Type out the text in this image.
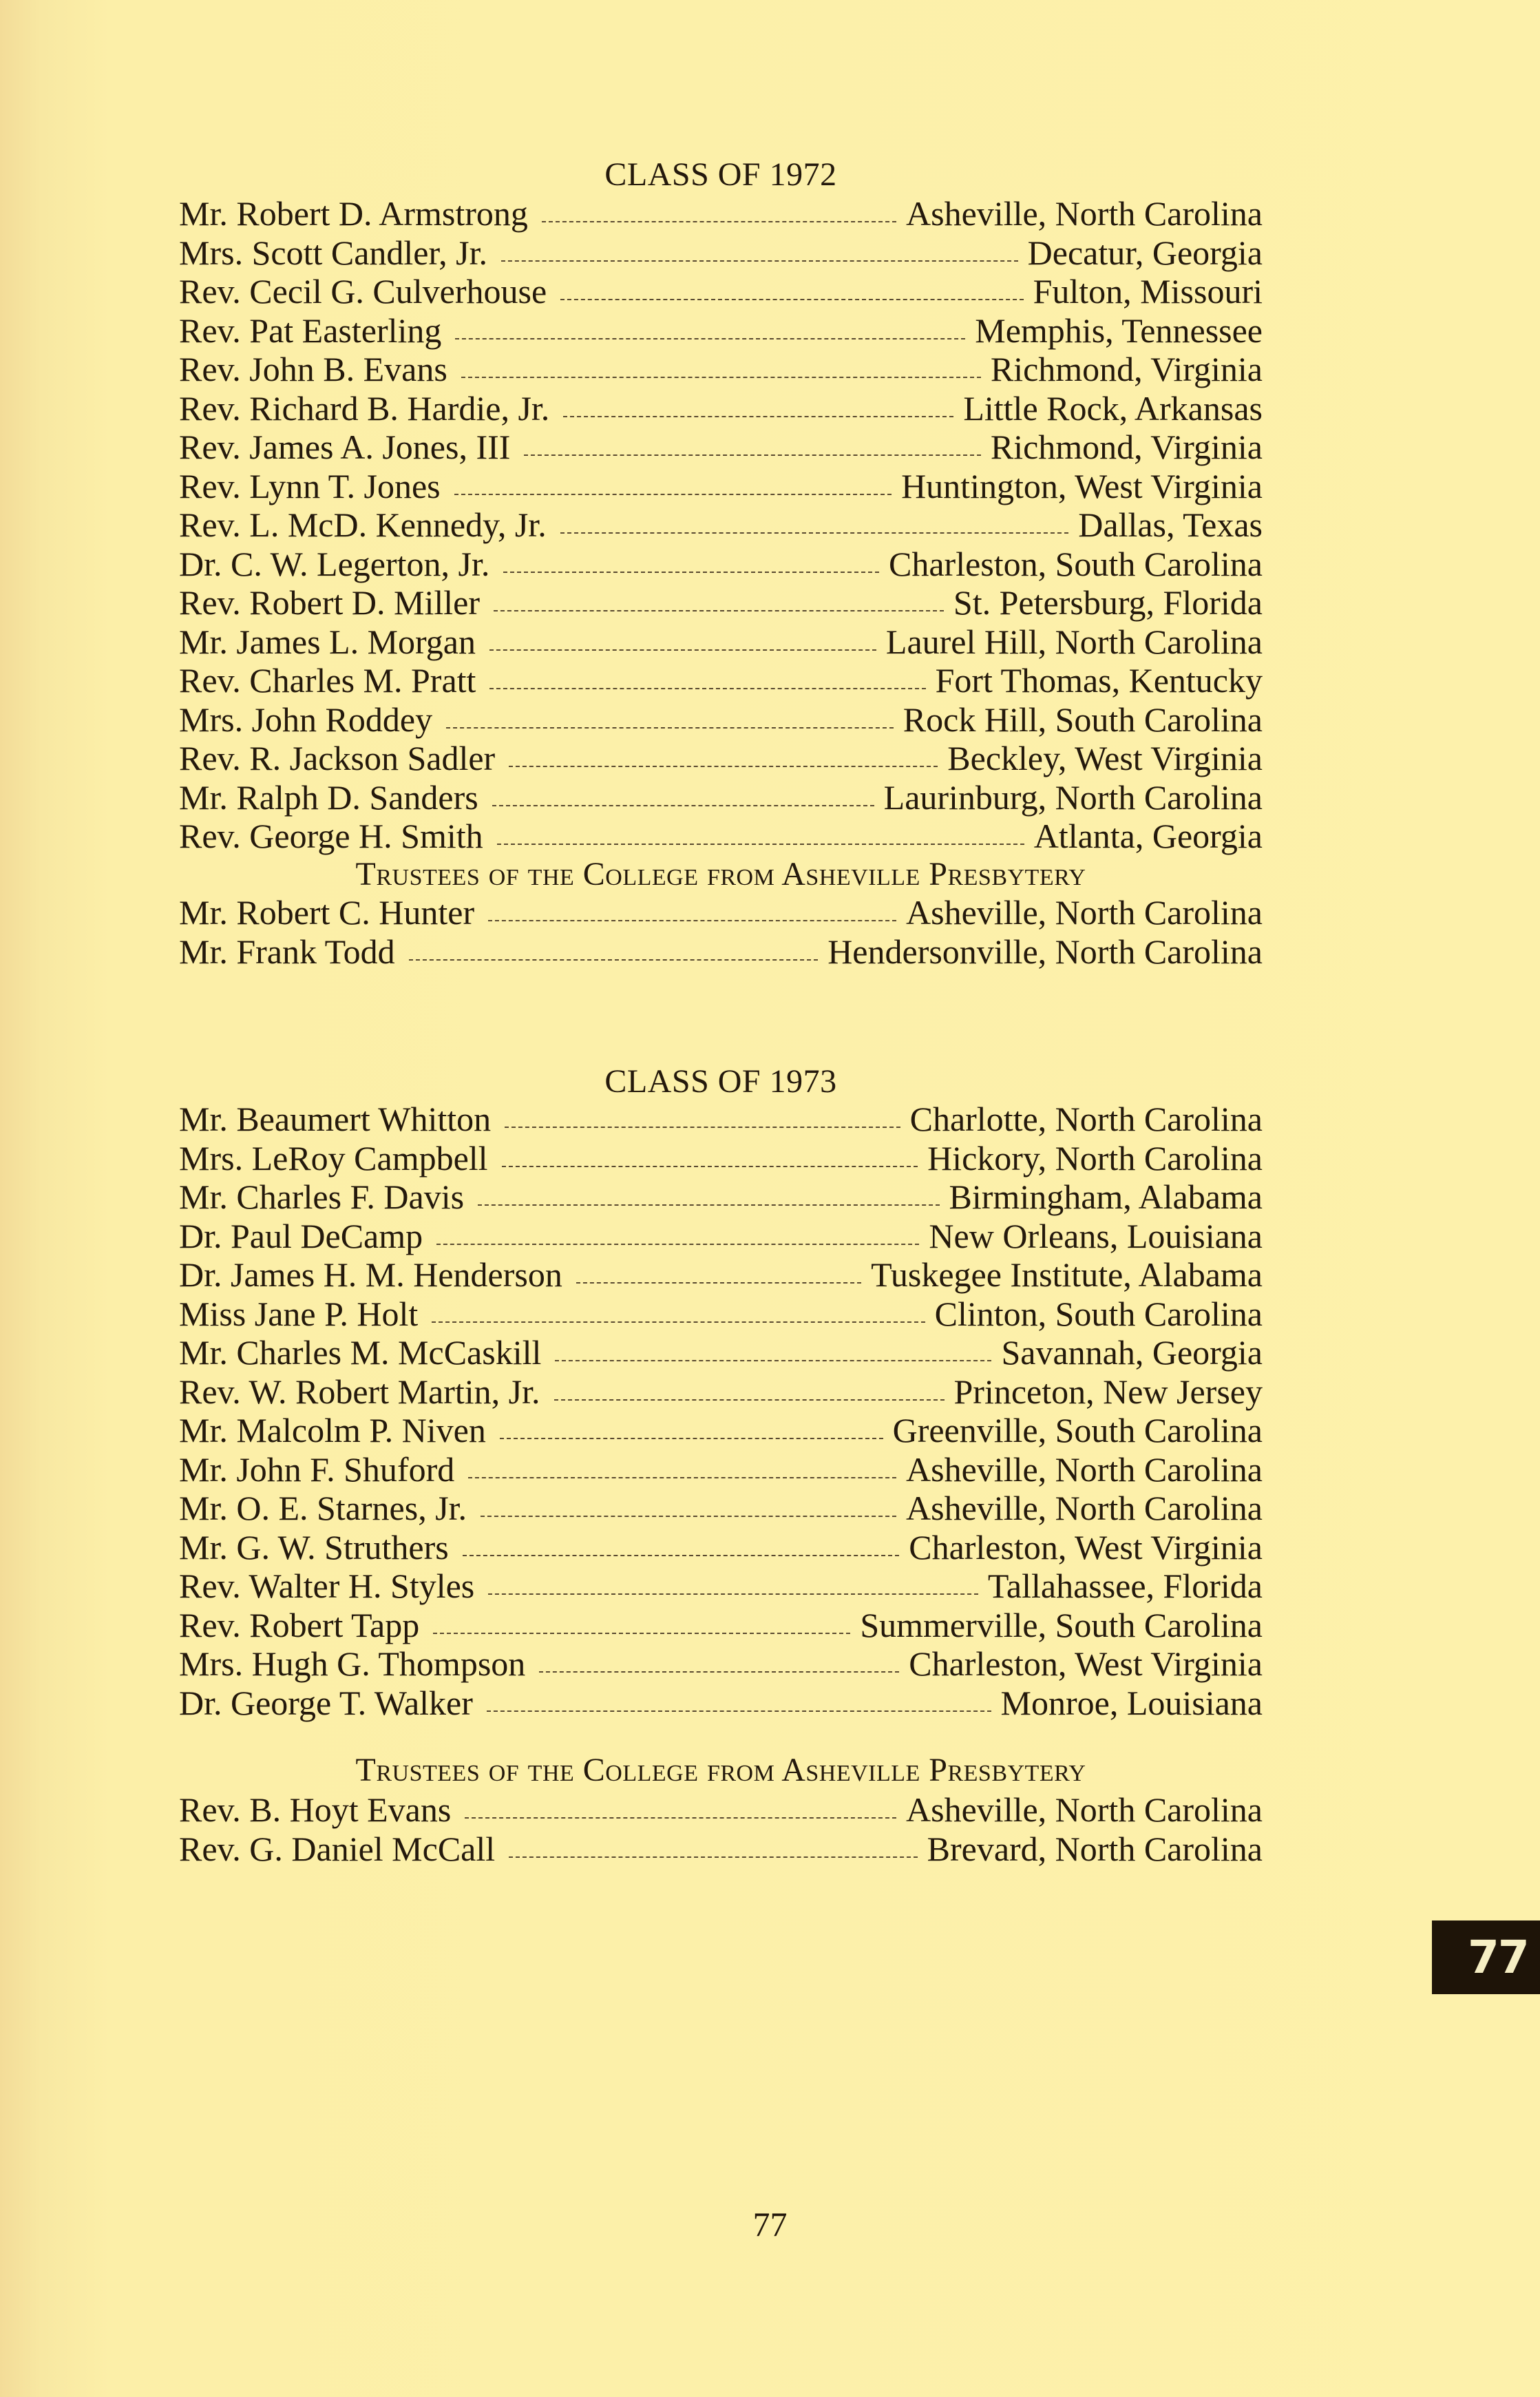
CLASS OF 1972
Mr. Robert D. Armstrong	Asheville, North Carolina
Mrs. Scott Candler, Jr.	Decatur, Georgia
Rev. Cecil G. Culverhouse	Fulton, Missouri
Rev. Pat Easterling	Memphis, Tennessee
Rev. John B. Evans	Richmond, Virginia
Rev. Richard B. Hardie, Jr.	Little Rock, Arkansas
Rev. James A. Jones, III	Richmond, Virginia
Rev. Lynn T. Jones	Huntington, West Virginia
Rev. L. McD. Kennedy, Jr.	Dallas, Texas
Dr. C. W. Legerton, Jr.	Charleston, South Carolina
Rev. Robert D. Miller	St. Petersburg, Florida
Mr. James L. Morgan	Laurel Hill, North Carolina
Rev. Charles M. Pratt	Fort Thomas, Kentucky
Mrs. John Roddey	Rock Hill, South Carolina
Rev. R. Jackson Sadler	Beckley, West Virginia
Mr. Ralph D. Sanders	Laurinburg, North Carolina
Rev. George H. Smith	Atlanta, Georgia
Trustees of the College from Asheville Presbytery
Mr. Robert C. Hunter	Asheville, North Carolina
Mr. Frank Todd	Hendersonville, North Carolina
CLASS OF 1973
Mr. Beaumert Whitton	Charlotte, North Carolina
Mrs. LeRoy Campbell	Hickory, North Carolina
Mr. Charles F. Davis	Birmingham, Alabama
Dr. Paul DeCamp	New Orleans, Louisiana
Dr. James H. M. Henderson	Tuskegee Institute, Alabama
Miss Jane P. Holt	Clinton, South Carolina
Mr. Charles M. McCaskill	Savannah, Georgia
Rev. W. Robert Martin, Jr.	Princeton, New Jersey
Mr. Malcolm P. Niven	Greenville, South Carolina
Mr. John F. Shuford	Asheville, North Carolina
Mr. O. E. Starnes, Jr.	Asheville, North Carolina
Mr. G. W. Struthers	Charleston, West Virginia
Rev. Walter H. Styles	Tallahassee, Florida
Rev. Robert Tapp	Summerville, South Carolina
Mrs. Hugh G. Thompson	Charleston, West Virginia
Dr. George T. Walker	Monroe, Louisiana
Trustees of the College from Asheville Presbytery
Rev. B. Hoyt Evans	Asheville, North Carolina
Rev. G. Daniel McCall	Brevard, North Carolina
77
77
